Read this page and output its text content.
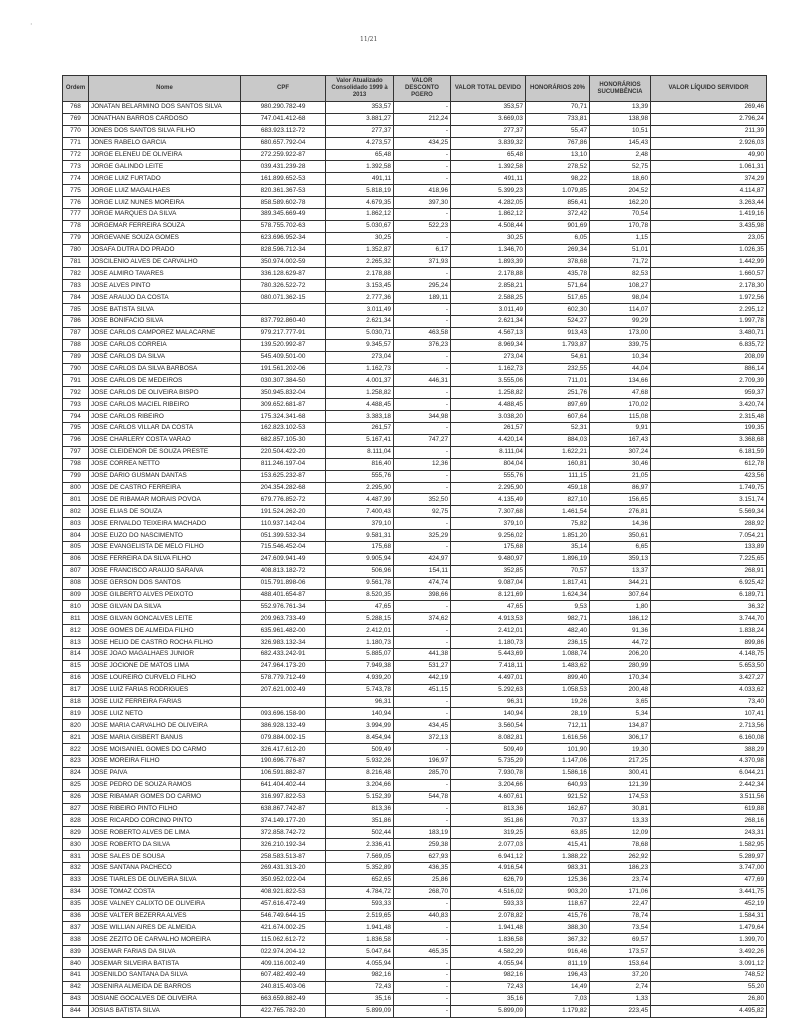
11/21
·
Ordem	Nome	CPF	Valor Atualizado Consolidado 1999 à 2013	VALOR DESCONTO PGERO	VALOR TOTAL DEVIDO	HONORÁRIOS 20%	HONORÁRIOS SUCUMBÊNCIA	VALOR LÍQUIDO SERVIDOR
768	JONATAN BELARMINO DOS SANTOS SILVA	980.290.782-49	353,57	-	353,57	70,71	13,39	269,46
769	JONATHAN BARROS CARDOSO	747.041.412-68	3.881,27	212,24	3.669,03	733,81	138,98	2.796,24
770	JONES DOS SANTOS SILVA FILHO	683.923.112-72	277,37	-	277,37	55,47	10,51	211,39
771	JONES RABELO GARCIA	680.657.792-04	4.273,57	434,25	3.839,32	767,86	145,43	2.926,03
772	JORGE ELENEU DE OLIVEIRA	272.259.922-87	65,48	-	65,48	13,10	2,48	49,90
773	JORGE GALINDO LEITE	039.431.239-28	1.392,58	-	1.392,58	278,52	52,75	1.061,31
774	JORGE LUIZ FURTADO	161.899.652-53	491,11	-	491,11	98,22	18,60	374,29
775	JORGE LUIZ MAGALHAES	820.361.367-53	5.818,19	418,96	5.399,23	1.079,85	204,52	4.114,87
776	JORGE LUIZ NUNES MOREIRA	858.589.602-78	4.679,35	397,30	4.282,05	856,41	162,20	3.263,44
777	JORGE MARQUES DA SILVA	389.345.669-49	1.862,12	-	1.862,12	372,42	70,54	1.419,16
778	JORGEMAR FERREIRA SOUZA	578.755.702-63	5.030,67	522,23	4.508,44	901,69	170,78	3.435,98
779	JORGEVANE SOUZA GOMES	623.696.952-34	30,25	-	30,25	6,05	1,15	23,05
780	JOSAFA DUTRA DO PRADO	828.596.712-34	1.352,87	6,17	1.346,70	269,34	51,01	1.026,35
781	JOSCILENIO ALVES DE CARVALHO	350.974.002-59	2.265,32	371,93	1.893,39	378,68	71,72	1.442,99
782	JOSE ALMIRO TAVARES	336.128.629-87	2.178,88	-	2.178,88	435,78	82,53	1.660,57
783	JOSE ALVES PINTO	780.326.522-72	3.153,45	295,24	2.858,21	571,64	108,27	2.178,30
784	JOSE ARAUJO DA COSTA	080.071.362-15	2.777,36	189,11	2.588,25	517,65	98,04	1.972,56
785	JOSE BATISTA SILVA		3.011,49	-	3.011,49	602,30	114,07	2.295,12
786	JOSE BONIFACIO SILVA	837.792.860-40	2.621,34	-	2.621,34	524,27	99,29	1.997,78
787	JOSE CARLOS CAMPOREZ MALACARNE	979.217.777-91	5.030,71	463,58	4.567,13	913,43	173,00	3.480,71
788	JOSE CARLOS CORREIA	139.520.992-87	9.345,57	376,23	8.969,34	1.793,87	339,75	6.835,72
789	JOSÉ CARLOS DA SILVA	545.409.501-00	273,04	-	273,04	54,61	10,34	208,09
790	JOSE CARLOS DA SILVA BARBOSA	191.561.202-06	1.162,73	-	1.162,73	232,55	44,04	886,14
791	JOSE CARLOS DE MEDEIROS	030.307.384-50	4.001,37	446,31	3.555,06	711,01	134,66	2.709,39
792	JOSE CARLOS DE OLIVEIRA BISPO	350.945.832-04	1.258,82	-	1.258,82	251,76	47,68	959,37
793	JOSE CARLOS MACIEL RIBEIRO	309.652.681-87	4.488,45	-	4.488,45	897,69	170,02	3.420,74
794	JOSE CARLOS RIBEIRO	175.324.341-68	3.383,18	344,98	3.038,20	607,64	115,08	2.315,48
795	JOSE CARLOS VILLAR DA COSTA	162.823.102-53	261,57	-	261,57	52,31	9,91	199,35
796	JOSE CHARLERY COSTA VARAO	682.857.105-30	5.167,41	747,27	4.420,14	884,03	167,43	3.368,68
797	JOSE CLEIDENOR DE SOUZA PRESTE	220.504.422-20	8.111,04	-	8.111,04	1.622,21	307,24	6.181,59
798	JOSE CORREA NETTO	811.246.197-04	816,40	12,36	804,04	160,81	30,46	612,78
799	JOSE DARIO GUSMAN DANTAS	153.625.232-87	555,76	-	555,76	111,15	21,05	423,56
800	JOSE DE CASTRO FERREIRA	204.354.282-68	2.295,90	-	2.295,90	459,18	86,97	1.749,75
801	JOSE DE RIBAMAR MORAIS POVOA	679.776.852-72	4.487,99	352,50	4.135,49	827,10	156,65	3.151,74
802	JOSE ELIAS DE SOUZA	191.524.262-20	7.400,43	92,75	7.307,68	1.461,54	276,81	5.569,34
803	JOSE ERIVALDO TEIXEIRA MACHADO	110.937.142-04	379,10	-	379,10	75,82	14,36	288,92
804	JOSE EUZO DO NASCIMENTO	051.399.532-34	9.581,31	325,29	9.256,02	1.851,20	350,61	7.054,21
805	JOSE EVANGELISTA DE MELO FILHO	715.546.452-04	175,68	-	175,68	35,14	6,65	133,89
806	JOSE FERREIRA DA SILVA FILHO	247.609.941-49	9.905,94	424,97	9.480,97	1.896,19	359,13	7.225,65
807	JOSE FRANCISCO ARAUJO SARAIVA	408.813.182-72	506,96	154,11	352,85	70,57	13,37	268,91
808	JOSE GERSON DOS SANTOS	015.791.898-06	9.561,78	474,74	9.087,04	1.817,41	344,21	6.925,42
809	JOSE GILBERTO ALVES PEIXOTO	488.401.654-87	8.520,35	398,66	8.121,69	1.624,34	307,64	6.189,71
810	JOSE GILVAN DA SILVA	552.976.761-34	47,65	-	47,65	9,53	1,80	36,32
811	JOSE GILVAN GONCALVES LEITE	209.963.733-49	5.288,15	374,62	4.913,53	982,71	186,12	3.744,70
812	JOSE GOMES DE ALMEIDA FILHO	635.961.482-00	2.412,01	-	2.412,01	482,40	91,36	1.838,24
813	JOSE HELIO DE CASTRO ROCHA FILHO	326.983.132-34	1.180,73	-	1.180,73	236,15	44,72	899,86
814	JOSE JOAO MAGALHAES JUNIOR	682.433.242-91	5.885,07	441,38	5.443,69	1.088,74	206,20	4.148,75
815	JOSE JOCIONE DE MATOS LIMA	247.964.173-20	7.949,38	531,27	7.418,11	1.483,62	280,99	5.653,50
816	JOSE LOUREIRO CURVELO FILHO	578.779.712-49	4.939,20	442,19	4.497,01	899,40	170,34	3.427,27
817	JOSE LUIZ FARIAS RODRIGUES	207.621.002-49	5.743,78	451,15	5.292,63	1.058,53	200,48	4.033,62
818	JOSE LUIZ FERREIRA FARIAS		96,31	-	96,31	19,26	3,65	73,40
819	JOSE LUIZ NETO	093.696.158-90	140,94	-	140,94	28,19	5,34	107,41
820	JOSE MARIA CARVALHO DE OLIVEIRA	386.928.132-49	3.994,99	434,45	3.560,54	712,11	134,87	2.713,56
821	JOSE MARIA GISBERT BANUS	079.884.002-15	8.454,94	372,13	8.082,81	1.616,56	306,17	6.160,08
822	JOSE MOISANIEL GOMES DO CARMO	326.417.612-20	509,49	-	509,49	101,90	19,30	388,29
823	JOSE MOREIRA FILHO	190.696.776-87	5.932,26	196,97	5.735,29	1.147,06	217,25	4.370,98
824	JOSE PAIVA	106.591.882-87	8.216,48	285,70	7.930,78	1.586,16	300,41	6.044,21
825	JOSE PEDRO DE SOUZA RAMOS	641.404.402-44	3.204,66	-	3.204,66	640,93	121,39	2.442,34
826	JOSE RIBAMAR GOMES DO CARMO	316.997.822-53	5.152,39	544,78	4.607,61	921,52	174,53	3.511,56
827	JOSE RIBEIRO PINTO FILHO	638.867.742-87	813,36	-	813,36	162,67	30,81	619,88
828	JOSE RICARDO CORCINO PINTO	374.149.177-20	351,86	-	351,86	70,37	13,33	268,16
829	JOSE ROBERTO ALVES DE LIMA	372.858.742-72	502,44	183,19	319,25	63,85	12,09	243,31
830	JOSE ROBERTO DA SILVA	326.210.192-34	2.336,41	259,38	2.077,03	415,41	78,68	1.582,95
831	JOSE SALES DE SOUSA	258.583.513-87	7.569,05	627,93	6.941,12	1.388,22	262,92	5.289,97
832	JOSE SANTANA PACHECO	269.431.313-20	5.352,89	436,35	4.916,54	983,31	186,23	3.747,00
833	JOSE TIARLES DE OLIVEIRA SILVA	350.952.022-04	652,65	25,86	626,79	125,36	23,74	477,69
834	JOSE TOMAZ COSTA	408.921.822-53	4.784,72	268,70	4.516,02	903,20	171,06	3.441,75
835	JOSE VALNEY CALIXTO DE OLIVEIRA	457.616.472-49	593,33	-	593,33	118,67	22,47	452,19
836	JOSE VALTER BEZERRA ALVES	546.749.644-15	2.519,65	440,83	2.078,82	415,76	78,74	1.584,31
837	JOSE WILLIAN AIRES DE ALMEIDA	421.674.002-25	1.941,48	-	1.941,48	388,30	73,54	1.479,64
838	JOSE ZEZITO DE CARVALHO MOREIRA	115.062.612-72	1.836,58	-	1.836,58	367,32	69,57	1.399,70
839	JOSEMAR FARIAS DA SILVA	022.974.204-12	5.047,64	465,35	4.582,29	916,46	173,57	3.492,26
840	JOSEMAR SILVEIRA BATISTA	409.116.002-49	4.055,94	-	4.055,94	811,19	153,64	3.091,12
841	JOSENILDO SANTANA DA SILVA	607.482.492-49	982,16	-	982,16	196,43	37,20	748,52
842	JOSENIRA ALMEIDA DE BARROS	240.815.403-06	72,43	-	72,43	14,49	2,74	55,20
843	JOSIANE GOCALVES DE OLIVEIRA	663.659.882-49	35,16	-	35,16	7,03	1,33	26,80
844	JOSIAS BATISTA SILVA	422.765.782-20	5.899,09	-	5.899,09	1.179,82	223,45	4.495,82
